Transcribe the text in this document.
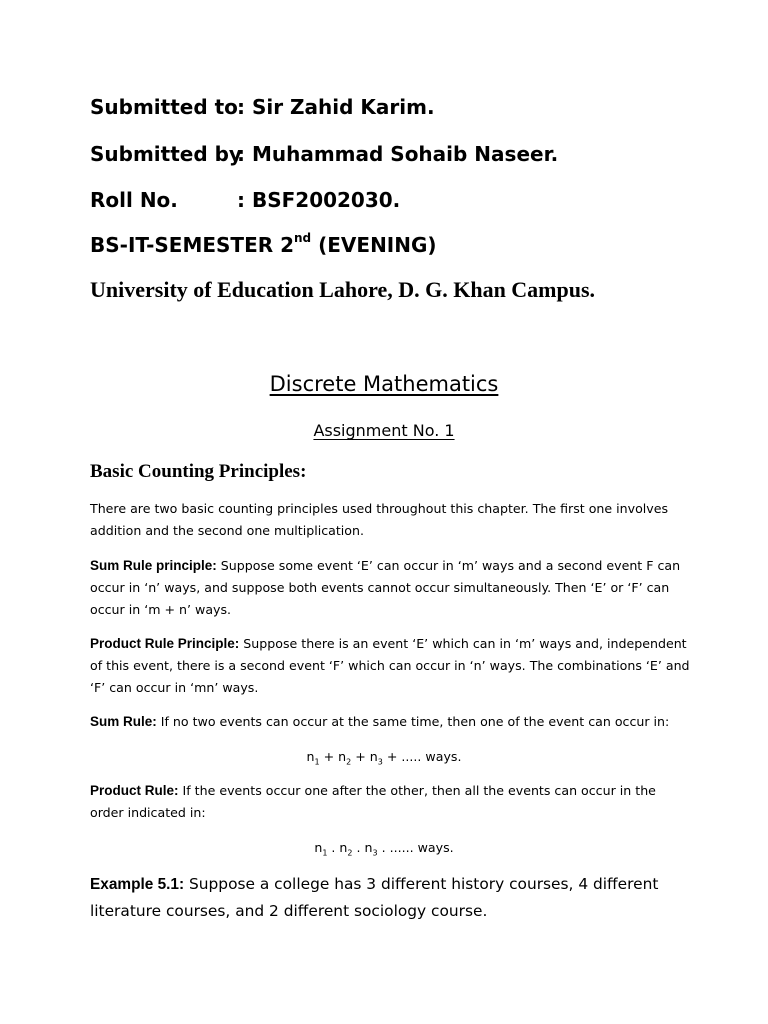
Submitted to: Sir Zahid Karim.
Submitted by: Muhammad Sohaib Naseer.
Roll No.	: BSF2002030.
BS-IT-SEMESTER 2nd (EVENING)
University of Education Lahore, D. G. Khan Campus.
Discrete Mathematics
Assignment No. 1
Basic Counting Principles:

There are two basic counting principles used throughout this chapter. The first one involves addition and the second one multiplication.

Sum Rule principle: Suppose some event ‘E’ can occur in ‘m’ ways and a second event F can occur in ‘n’ ways, and suppose both events cannot occur simultaneously. Then ‘E’ or ‘F’ can occur in ‘m + n’ ways.

Product Rule Principle: Suppose there is an event ‘E’ which can in ‘m’ ways and, independent of this event, there is a second event ‘F’ which can occur in ‘n’ ways. The combinations ‘E’ and ‘F’ can occur in ‘mn’ ways.

Sum Rule: If no two events can occur at the same time, then one of the event can occur in:

$n_1 + n_2 + n_3$ + ..... ways.

Product Rule: If the events occur one after the other, then all the events can occur in the order indicated in:

$n_1$ . $n_2$ . $n_3$ . ...... ways.

Example 5.1: Suppose a college has 3 different history courses, 4 different literature courses, and 2 different sociology course.
